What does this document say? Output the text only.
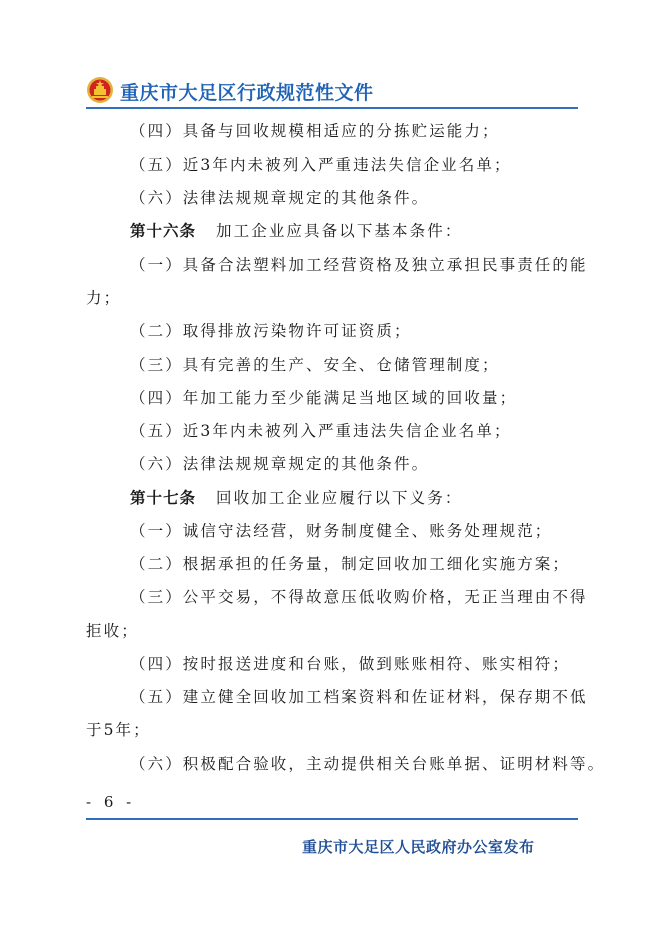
重庆市大足区行政规范性文件
（四）具备与回收规模相适应的分拣贮运能力；
（五）近3年内未被列入严重违法失信企业名单；
（六）法律法规规章规定的其他条件。
第十六条 加工企业应具备以下基本条件：
（一）具备合法塑料加工经营资格及独立承担民事责任的能
力；
（二）取得排放污染物许可证资质；
（三）具有完善的生产、安全、仓储管理制度；
（四）年加工能力至少能满足当地区域的回收量；
（五）近3年内未被列入严重违法失信企业名单；
（六）法律法规规章规定的其他条件。
第十七条 回收加工企业应履行以下义务：
（一）诚信守法经营，财务制度健全、账务处理规范；
（二）根据承担的任务量，制定回收加工细化实施方案；
（三）公平交易，不得故意压低收购价格，无正当理由不得
拒收；
（四）按时报送进度和台账，做到账账相符、账实相符；
（五）建立健全回收加工档案资料和佐证材料，保存期不低
于5年；
（六）积极配合验收，主动提供相关台账单据、证明材料等。
- 6 -
重庆市大足区人民政府办公室发布
